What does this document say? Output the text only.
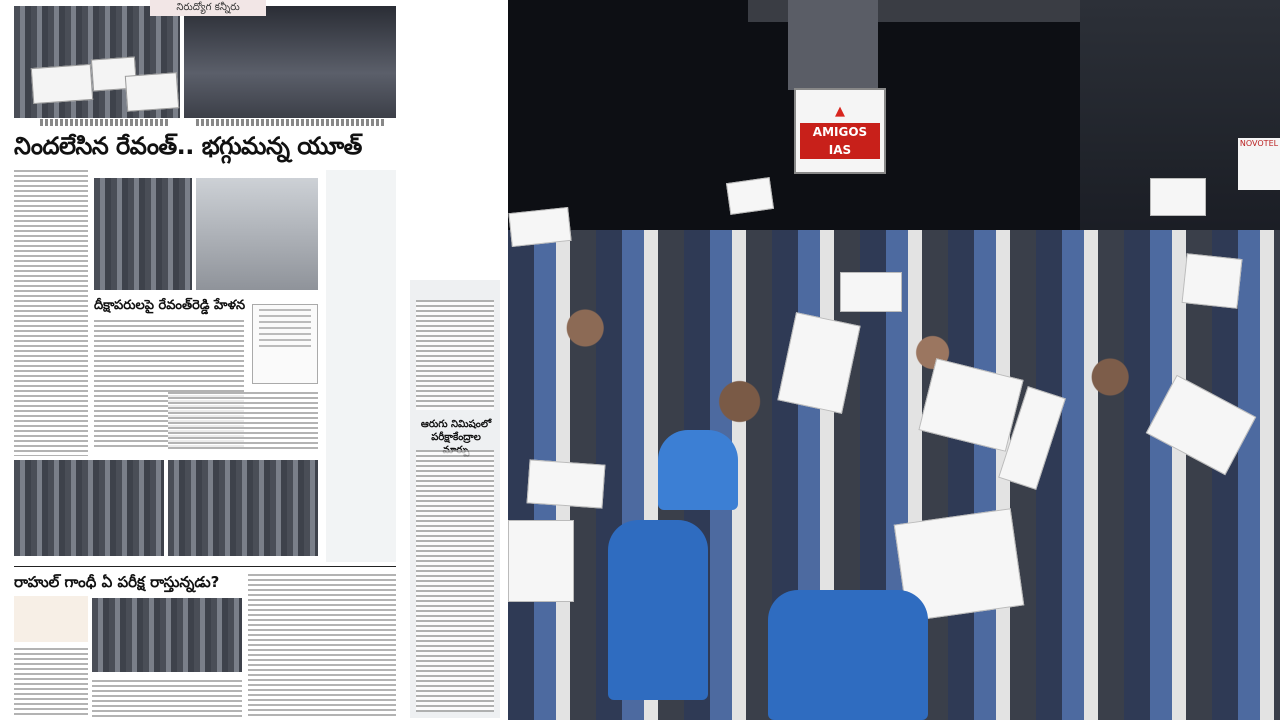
నిరుద్యోగ కన్నీరు
నిందలేసిన రేవంత్.. భగ్గుమన్న యూత్
దీక్షాపరులపై రేవంత్‌రెడ్డి హేళన
రాహుల్ గాంధీ ఏ పరీక్ష రాస్తున్నడు?
ఆరుగు నిమిషంలో పరీక్షాకేంద్రాల
▲
AMIGOS IAS	NOVOTEL
